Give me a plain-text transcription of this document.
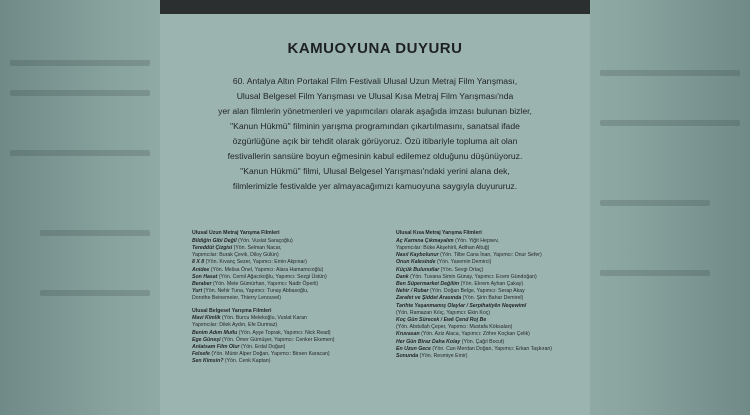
KAMUOYUNA DUYURU
60. Antalya Altın Portakal Film Festivali Ulusal Uzun Metraj Film Yarışması,
Ulusal Belgesel Film Yarışması ve Ulusal Kısa Metraj Film Yarışması'nda
yer alan filmlerin yönetmenleri ve yapımcıları olarak aşağıda imzası bulunan bizler,
"Kanun Hükmü" filminin yarışma programından çıkartılmasını, sanatsal ifade
özgürlüğüne açık bir tehdit olarak görüyoruz. Özü itibariyle topluma ait olan
festivallerin sansüre boyun eğmesinin kabul edilemez olduğunu düşünüyoruz.
"Kanun Hükmü" filmi, Ulusal Belgesel Yarışması'ndaki yerini alana dek,
filmlerimizle festivalde yer almayacağımızı kamuoyuna saygıyla duyururuz.
Ulusal Uzun Metraj Yarışma Filmleri
Bildiğin Gibi Değil (Yön. Vuslat Saraçoğlu)
Tereddüt Çizgisi (Yön. Selman Nacar,
Yapımcılar: Burak Çevik, Diloy Gülün)
8 X 8 (Yön. Kıvanç Sezer, Yapımcı: Emin Akpınar)
Anidee (Yön. Melisa Önel, Yapımcı: Alara Hamamcıoğlu)
Son Hasat (Yön. Cemil Ağacıkoğlu, Yapımcı: Sezgi Üstün)
Beraber (Yön. Mete Gümürhan, Yapımcı: Nadir Öperli)
Yurt (Yön. Nehir Tuna, Yapımcı: Tunay Abbasoğlu,
Dorothe Beinemeier, Thierry Lenouvel)
Ulusal Belgesel Yarışma Filmleri
Mavi Kimlik (Yön. Burcu Melekoğlu, Vuslat Karan
Yapımcılar: Dilek Aydın, Efe Durmaz)
Benim Adım Mutlu (Yön. Ayşe Toprak, Yapımcı: Nick Read)
Ege Güneşi (Yön. Ömer Gümüşer, Yapımcı: Cenker Ekemen)
Anlatsam Film Olur (Yön. Erdal Doğan)
Felsefe (Yön. Münir Alper Doğan, Yapımcı: Birsen Karacan)
Sen Kimsin? (Yön. Cenk Kaptan)
Ulusal Kısa Metraj Yarışma Filmleri
Aç Karnına Çıkmayalım (Yön. Yiğit Hepsev,
Yapımcılar: Büke Akşehirli, Adihan Altuğ)
Nasıl Kaybolunur (Yön. Tilbe Cana İnan, Yapımcı: Onur Sefer)
Onun Kalesinde (Yön. Yasemin Demirci)
Küçük Bulunutlar (Yön. Sevgi Ortaç)
Dank (Yön. Tuvana Simin Günay, Yapımcı: Ecem Gündoğan)
Ben Süpermarket Değilim (Yön. Ekrem Ayhan Çakay)
Nehir / Rubar (Yön. Doğan Belge, Yapımcı: Serap Akay
Zarafet ve Şiddet Arasında (Yön. Şirin Bahar Demirel)
Tarihte Yaşanmamış Olaylar / Serpihatiyên Neqewimî
(Yön. Ramazan Kılıç, Yapımcı: Ekin Koç)
Koç Gün Sürecek / Ewê Çend Roj Be
(Yön. Abdullah Çeper, Yapımcı: Mustafa Köksalan)
Kruvasan (Yön. Aziz Alaca, Yapımcı: Zöhre Koçkan Çelik)
Her Gün Biraz Daha Kolay (Yön. Çağıl Bocut)
En Uzun Gece (Yön. Can Merdan Doğan, Yapımcı: Erkan Taşkıran)
Sonunda (Yön. Resmiye Emir)
